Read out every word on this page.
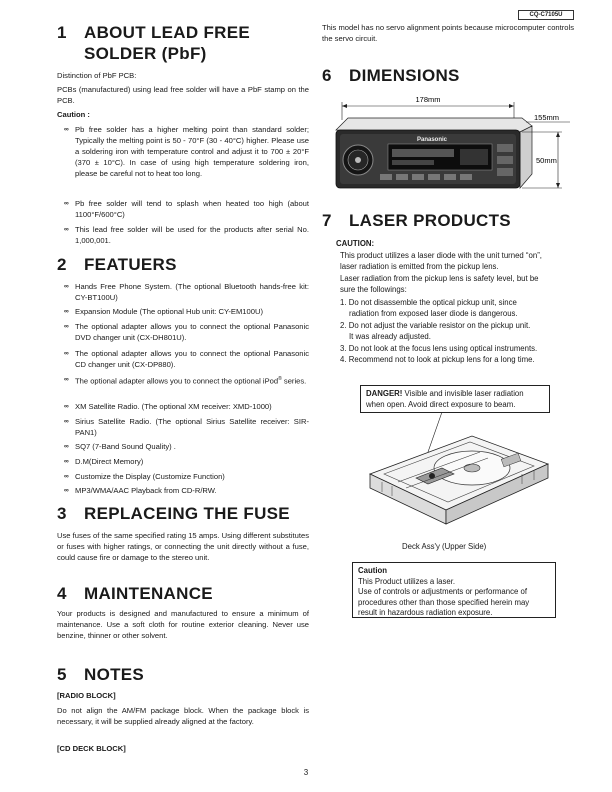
CQ-C7105U
1 ABOUT LEAD FREE
SOLDER (PbF)
Distinction of PbF PCB:
PCBs (manufactured) using lead free solder will have a PbF stamp on the PCB.
Caution :
∞ Pb free solder has a higher melting point than standard solder; Typically the melting point is 50 - 70°F (30 - 40°C) higher. Please use a soldering iron with temperature control and adjust it to 700 ± 20°F (370 ± 10°C). In case of using high temperature soldering iron, please be careful not to heat too long.
∞ Pb free solder will tend to splash when heated too high (about 1100°F/600°C)
∞ This lead free solder will be used for the products after serial No. 1,000,001.
2 FEATUERS
∞ Hands Free Phone System. (The optional Bluetooth hands-free kit: CY-BT100U)
∞ Expansion Module (The optional Hub unit: CY-EM100U)
∞ The optional adapter allows you to connect the optional Panasonic DVD changer unit (CX-DH801U).
∞ The optional adapter allows you to connect the optional Panasonic CD changer unit (CX-DP880).
∞ The optional adapter allows you to connect the optional iPod® series.
∞ XM Satellite Radio. (The optional XM receiver: XMD-1000)
∞ Sirius Satellite Radio. (The optional Sirius Satellite receiver: SIR-PAN1)
∞ SQ7 (7-Band Sound Quality) .
∞ D.M(Direct Memory)
∞ Customize the Display (Customize Function)
∞ MP3/WMA/AAC Playback from CD-R/RW.
3 REPLACEING THE FUSE
Use fuses of the same specified rating 15 amps. Using different substitutes or fuses with higher ratings, or connecting the unit directly without a fuse, could cause fire or damage to the stereo unit.
4 MAINTENANCE
Your products is designed and manufactured to ensure a minimum of maintenance. Use a soft cloth for routine exterior cleaning. Never use benzine, thinner or other solvent.
5 NOTES
[RADIO BLOCK]
Do not align the AM/FM package block. When the package block is necessary, it will be supplied already aligned at the factory.
[CD DECK BLOCK]
This model has no servo alignment points because microcomputer controls the servo circuit.
6 DIMENSIONS
178mm
Panasonic
155mm
50mm
7 LASER PRODUCTS
CAUTION:
This product utilizes a laser diode with the unit turned “on”,
laser radiation is emitted from the pickup lens.
Laser radiation from the pickup lens is safety level, but be
sure the followings:
1. Do not disassemble the optical pickup unit, since
radiation from exposed laser diode is dangerous.
2. Do not adjust the variable resistor on the pickup unit.
It was already adjusted.
3. Do not look at the focus lens using optical instruments.
4. Recommend not to look at pickup lens for a long time.
DANGER! Visible and invisible laser radiation
when open. Avoid direct exposure to beam.
Deck Ass'y (Upper Side)
Caution
This Product utilizes a laser.
Use of controls or adjustments or performance of
procedures other than those specified herein may
result in hazardous radiation exposure.
3
